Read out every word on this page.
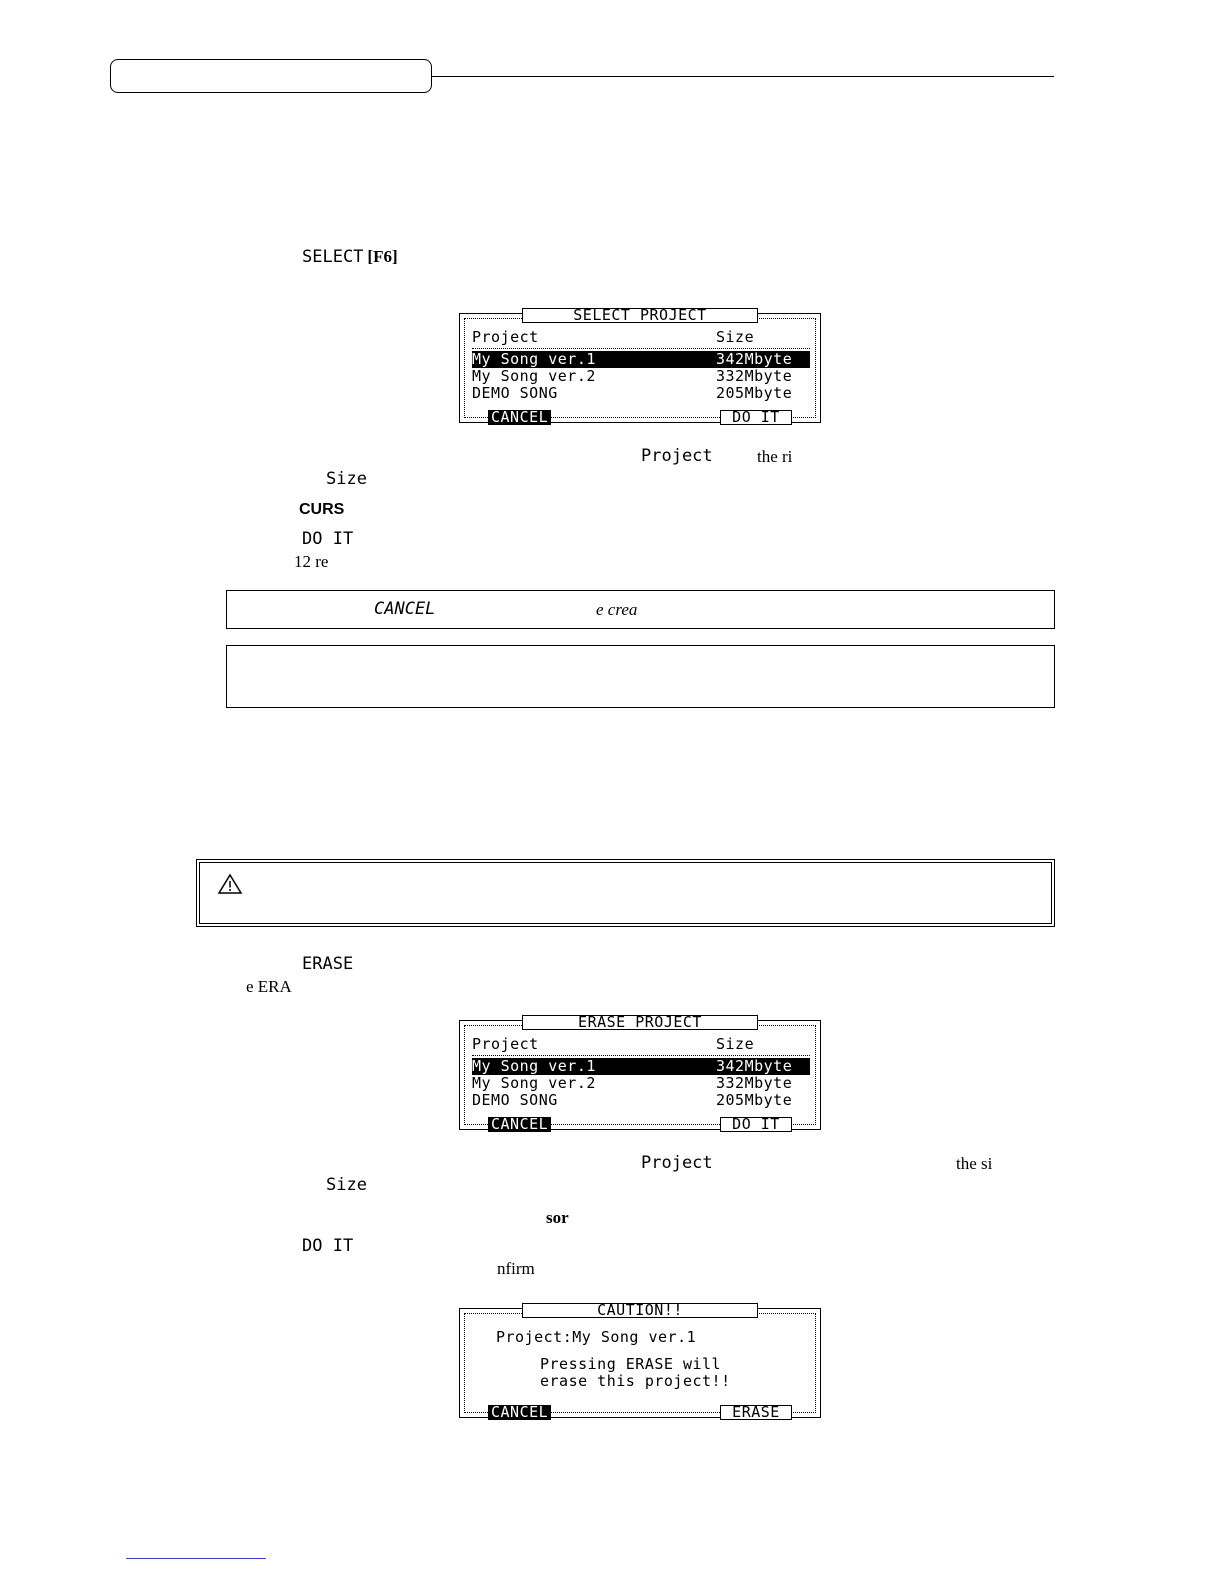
SELECT [F6]
SELECT PROJECT
Project	Size
My Song ver.1	342Mbyte
My Song ver.2	332Mbyte
DEMO SONG	205Mbyte
CANCEL	DO IT
Project	the ri
Size
CURS
DO IT
12 re
CANCEL	e crea
ERASE
e ERA
ERASE PROJECT
Project	Size
My Song ver.1	342Mbyte
My Song ver.2	332Mbyte
DEMO SONG	205Mbyte
CANCEL	DO IT
Project	the si
Size
sor
DO IT
nfirm
CAUTION!!
Project:My Song ver.1
Pressing ERASE will
erase this project!!
CANCEL	ERASE
